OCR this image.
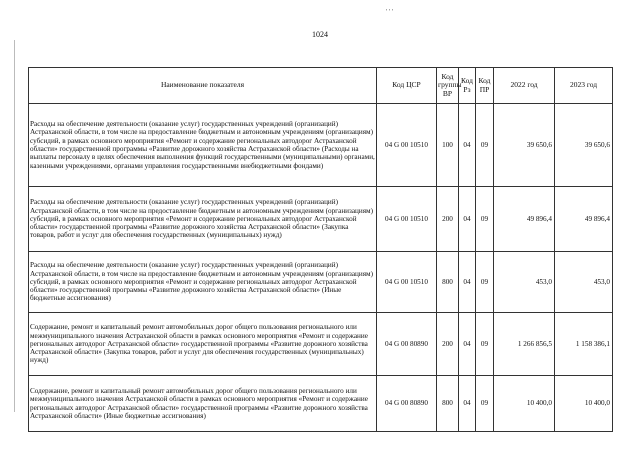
' ' '
1024
Наименование показателя	Код ЦСР	Код группы ВР	Код Рз	Код ПР	2022 год	2023 год
Расходы на обеспечение деятельности (оказание услуг) государственных учреждений (организаций) Астраханской области, в том числе на предоставление бюджетным и автономным учреждениям (организациям) субсидий, в рамках основного мероприятия «Ремонт и содержание региональных автодорог Астраханской области» государственной программы «Развитие дорожного хозяйства Астраханской области» (Расходы на выплаты персоналу в целях обеспечения выполнения функций государственными (муниципальными) органами, казенными учреждениями, органами управления государственными внебюджетными фондами)	04 G 00 10510	100	04	09	39 650,6	39 650,6
Расходы на обеспечение деятельности (оказание услуг) государственных учреждений (организаций) Астраханской области, в том числе на предоставление бюджетным и автономным учреждениям (организациям) субсидий, в рамках основного мероприятия «Ремонт и содержание региональных автодорог Астраханской области» государственной программы «Развитие дорожного хозяйства Астраханской области» (Закупка товаров, работ и услуг для обеспечения государственных (муниципальных) нужд)	04 G 00 10510	200	04	09	49 896,4	49 896,4
Расходы на обеспечение деятельности (оказание услуг) государственных учреждений (организаций) Астраханской области, в том числе на предоставление бюджетным и автономным учреждениям (организациям) субсидий, в рамках основного мероприятия «Ремонт и содержание региональных автодорог Астраханской области» государственной программы «Развитие дорожного хозяйства Астраханской области» (Иные бюджетные ассигнования)	04 G 00 10510	800	04	09	453,0	453,0
Содержание, ремонт и капитальный ремонт автомобильных дорог общего пользования регионального или межмуниципального значения Астраханской области в рамках основного мероприятия «Ремонт и содержание региональных автодорог Астраханской области» государственной программы «Развитие дорожного хозяйства Астраханской области» (Закупка товаров, работ и услуг для обеспечения государственных (муниципальных) нужд)	04 G 00 80890	200	04	09	1 266 856,5	1 158 386,1
Содержание, ремонт и капитальный ремонт автомобильных дорог общего пользования регионального или межмуниципального значения Астраханской области в рамках основного мероприятия «Ремонт и содержание региональных автодорог Астраханской области» государственной программы «Развитие дорожного хозяйства Астраханской области» (Иные бюджетные ассигнования)	04 G 00 80890	800	04	09	10 400,0	10 400,0
